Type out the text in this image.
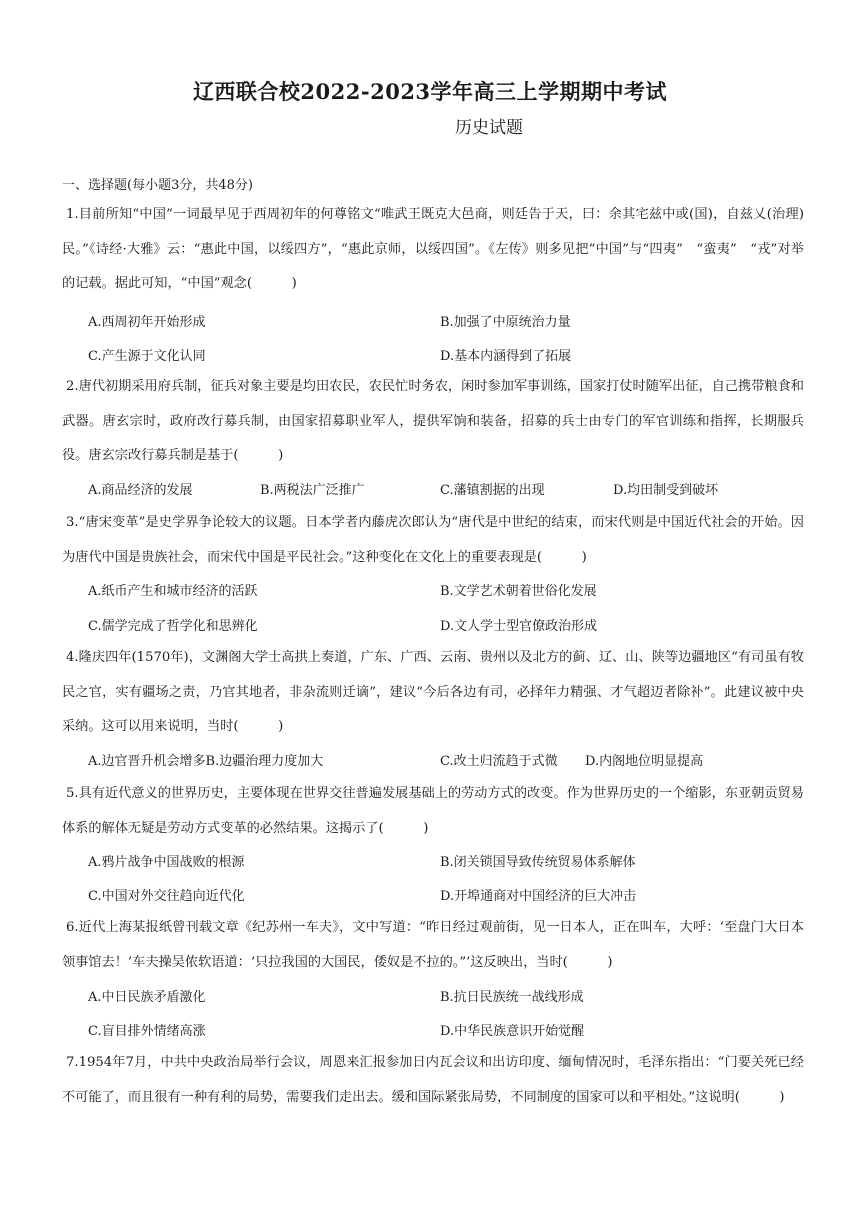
辽西联合校2022-2023学年高三上学期期中考试
历史试题
一、选择题(每小题3分，共48分)
1.目前所知“中国”一词最早见于西周初年的何尊铭文“唯武王既克大邑商，则廷告于天，曰：余其宅兹中或(国)，自兹乂(治理)民。”《诗经·大雅》云：“惠此中国，以绥四方”，“惠此京师，以绥四国”。《左传》则多见把“中国”与“四夷”　“蛮夷”　“戎”对举的记载。据此可知，“中国”观念(　　　)
A.西周初年开始形成	B.加强了中原统治力量
C.产生源于文化认同	D.基本内涵得到了拓展
2.唐代初期采用府兵制，征兵对象主要是均田农民，农民忙时务农，闲时参加军事训练，国家打仗时随军出征，自己携带粮食和武器。唐玄宗时，政府改行募兵制，由国家招募职业军人，提供军饷和装备，招募的兵士由专门的军官训练和指挥，长期服兵役。唐玄宗改行募兵制是基于(　　　)
A.商品经济的发展	B.两税法广泛推广	C.藩镇割据的出现	D.均田制受到破坏
3.“唐宋变革”是史学界争论较大的议题。日本学者内藤虎次郎认为“唐代是中世纪的结束，而宋代则是中国近代社会的开始。因为唐代中国是贵族社会，而宋代中国是平民社会。”这种变化在文化上的重要表现是(　　　)
A.纸币产生和城市经济的活跃	B.文学艺术朝着世俗化发展
C.儒学完成了哲学化和思辨化	D.文人学士型官僚政治形成
4.隆庆四年(1570年)，文渊阁大学士高拱上奏道，广东、广西、云南、贵州以及北方的蓟、辽、山、陕等边疆地区“有司虽有牧民之官，实有疆场之责，乃官其地者，非杂流则迁谪”，建议“今后各边有司，必择年力精强、才气超迈者除补”。此建议被中央采纳。这可以用来说明，当时(　　　)
A.边官晋升机会增多B.边疆治理力度加大	C.改土归流趋于式微 D.内阁地位明显提高
5.具有近代意义的世界历史，主要体现在世界交往普遍发展基础上的劳动方式的改变。作为世界历史的一个缩影，东亚朝贡贸易体系的解体无疑是劳动方式变革的必然结果。这揭示了(　　　)
A.鸦片战争中国战败的根源	B.闭关锁国导致传统贸易体系解体
C.中国对外交往趋向近代化	D.开埠通商对中国经济的巨大冲击
6.近代上海某报纸曾刊载文章《纪苏州一车夫》，文中写道：“昨日经过观前街，见一日本人，正在叫车，大呼：‘至盘门大日本领事馆去！’车夫操吴侬软语道：‘只拉我国的大国民，倭奴是不拉的。”’这反映出，当时(　　　)
A.中日民族矛盾激化	B.抗日民族统一战线形成
C.盲目排外情绪高涨	D.中华民族意识开始觉醒
7.1954年7月，中共中央政治局举行会议，周恩来汇报参加日内瓦会议和出访印度、缅甸情况时，毛泽东指出：“门要关死已经不可能了，而且很有一种有利的局势，需要我们走出去。缓和国际紧张局势，不同制度的国家可以和平相处。”这说明(　　　)
